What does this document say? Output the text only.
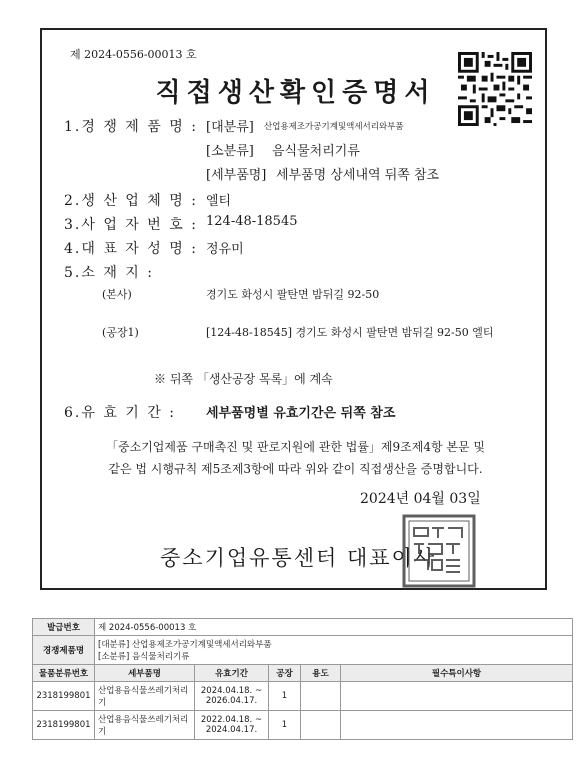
제 2024-0556-00013 호
직접생산확인증명서
1.경 쟁 제 품 명 : [대분류] 산업용제조가공기계및액세서리와부품
[소분류] 음식물처리기류
[세부품명] 세부품명 상세내역 뒤쪽 참조
2.생 산 업 체 명 : 엘티
3.사 업 자 번 호 : 124-48-18545
4.대 표 자 성 명 : 정유미
5.소 재 지 :
(본사)	경기도 화성시 팔탄면 밤뒤길 92-50
(공장1)	[124-48-18545] 경기도 화성시 팔탄면 밤뒤길 92-50 엘티
※ 뒤쪽 「생산공장 목록」에 계속
6.유 효 기 간 : 세부품명별 유효기간은 뒤쪽 참조
「중소기업제품 구매촉진 및 판로지원에 관한 법률」제9조제4항 본문 및
같은 법 시행규칙 제5조제3항에 따라 위와 같이 직접생산을 증명합니다.
2024년 04월 03일
중소기업유통센터 대표이사
발급번호	제 2024-0556-00013 호				
경쟁제품명	[대분류] 산업용제조가공기계및액세서리와부품
[소분류] 음식물처리기류				

물품분류번호	세부품명	유효기간	공장	용도	필수특이사항
2318199801	산업용음식물쓰레기처리기	2024.04.18. ~
2026.04.17.	1		
2318199801	산업용음식물쓰레기처리기	2022.04.18. ~
2024.04.17.	1		
